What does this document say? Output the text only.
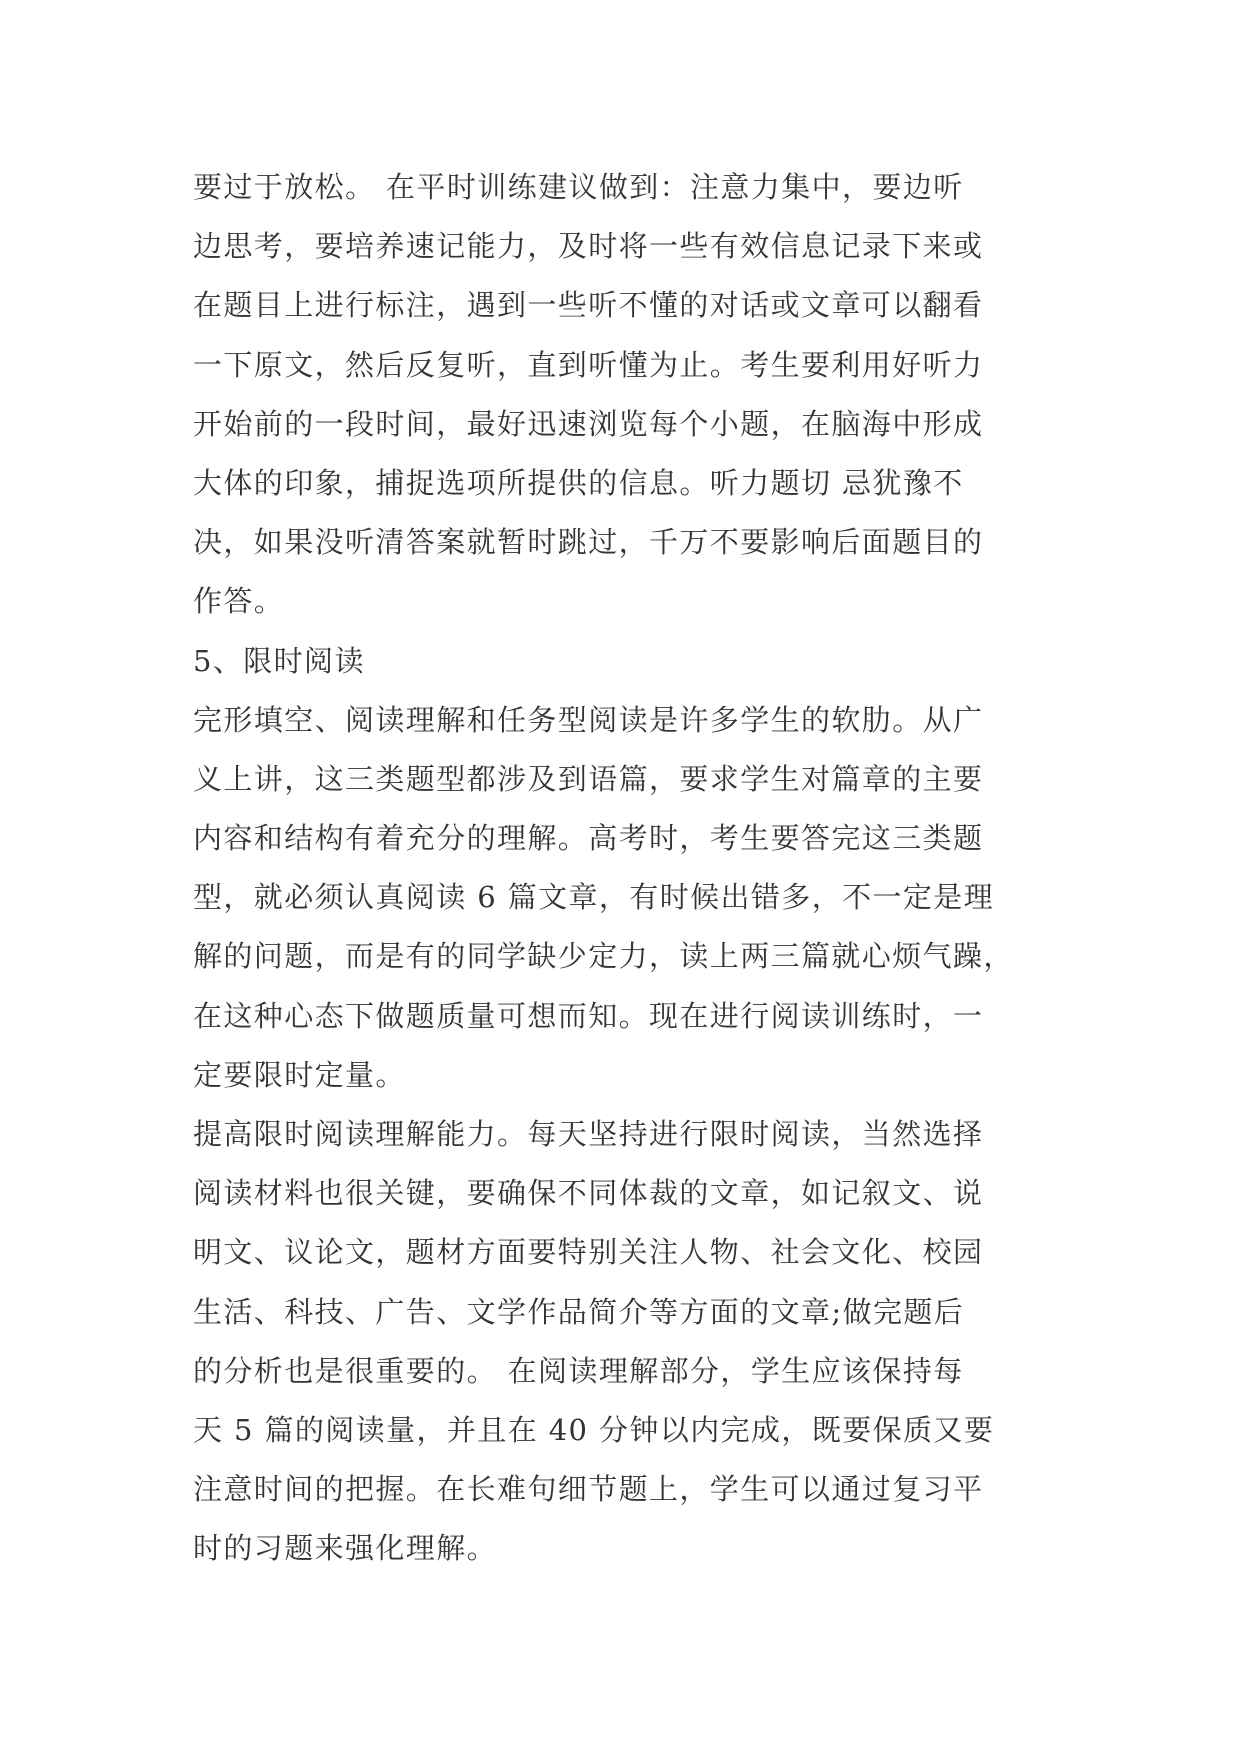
要过于放松。 在平时训练建议做到：注意力集中，要边听
边思考，要培养速记能力，及时将一些有效信息记录下来或
在题目上进行标注，遇到一些听不懂的对话或文章可以翻看
一下原文，然后反复听，直到听懂为止。考生要利用好听力
开始前的一段时间，最好迅速浏览每个小题，在脑海中形成
大体的印象，捕捉选项所提供的信息。听力题切 忌犹豫不
决，如果没听清答案就暂时跳过，千万不要影响后面题目的
作答。
5、限时阅读
完形填空、阅读理解和任务型阅读是许多学生的软肋。从广
义上讲，这三类题型都涉及到语篇，要求学生对篇章的主要
内容和结构有着充分的理解。高考时，考生要答完这三类题
型，就必须认真阅读 6 篇文章，有时候出错多，不一定是理
解的问题，而是有的同学缺少定力，读上两三篇就心烦气躁，
在这种心态下做题质量可想而知。现在进行阅读训练时，一
定要限时定量。
提高限时阅读理解能力。每天坚持进行限时阅读，当然选择
阅读材料也很关键，要确保不同体裁的文章，如记叙文、说
明文、议论文，题材方面要特别关注人物、社会文化、校园
生活、科技、广告、文学作品简介等方面的文章;做完题后
的分析也是很重要的。 在阅读理解部分，学生应该保持每
天 5 篇的阅读量，并且在 40 分钟以内完成，既要保质又要
注意时间的把握。在长难句细节题上，学生可以通过复习平
时的习题来强化理解。
